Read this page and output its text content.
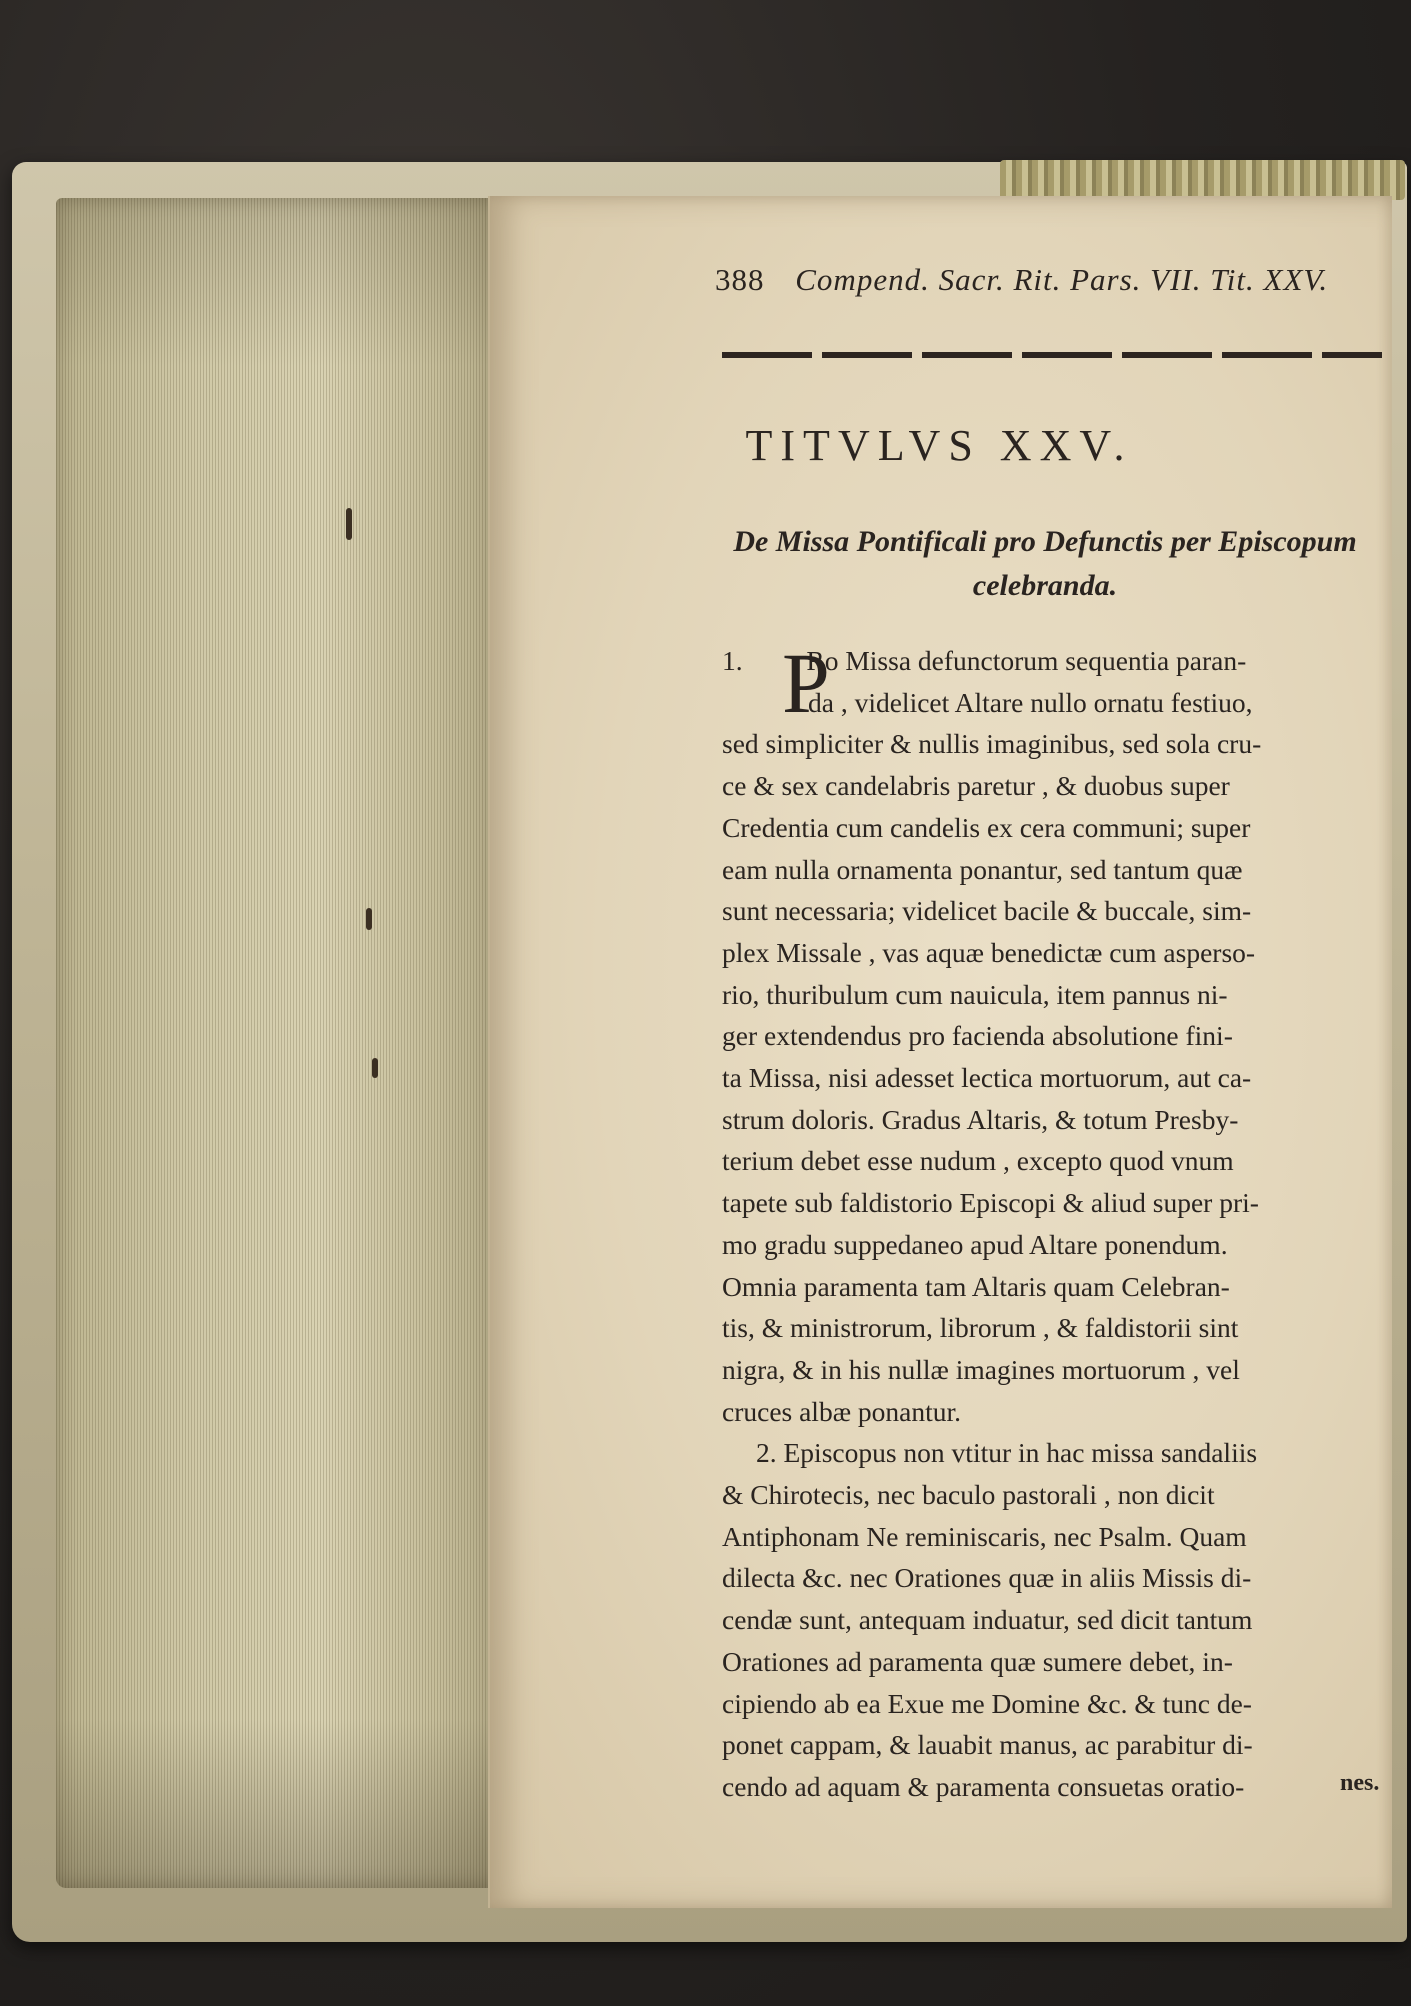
388 Compend. Sacr. Rit. Pars. VII. Tit. XXV.
TITVLVS XXV.
De Missa Pontificali pro Defunctis per Episcopum
celebranda.
1. Ro Missa defunctorum sequentia paran-
da , videlicet Altare nullo ornatu festiuo,
sed simpliciter & nullis imaginibus, sed sola cru-
ce & sex candelabris paretur , & duobus super
Credentia cum candelis ex cera communi; super
eam nulla ornamenta ponantur, sed tantum quæ
sunt necessaria; videlicet bacile & buccale, sim-
plex Missale , vas aquæ benedictæ cum asperso-
rio, thuribulum cum nauicula, item pannus ni-
ger extendendus pro facienda absolutione fini-
ta Missa, nisi adesset lectica mortuorum, aut ca-
strum doloris. Gradus Altaris, & totum Presby-
terium debet esse nudum , excepto quod vnum
tapete sub faldistorio Episcopi & aliud super pri-
mo gradu suppedaneo apud Altare ponendum.
Omnia paramenta tam Altaris quam Celebran-
tis, & ministrorum, librorum , & faldistorii sint
nigra, & in his nullæ imagines mortuorum , vel
cruces albæ ponantur.
2. Episcopus non vtitur in hac missa sandaliis
& Chirotecis, nec baculo pastorali , non dicit
Antiphonam Ne reminiscaris, nec Psalm. Quam
dilecta &c. nec Orationes quæ in aliis Missis di-
cendæ sunt, antequam induatur, sed dicit tantum
Orationes ad paramenta quæ sumere debet, in-
cipiendo ab ea Exue me Domine &c. & tunc de-
ponet cappam, & lauabit manus, ac parabitur di-
cendo ad aquam & paramenta consuetas oratio-
P
nes.
